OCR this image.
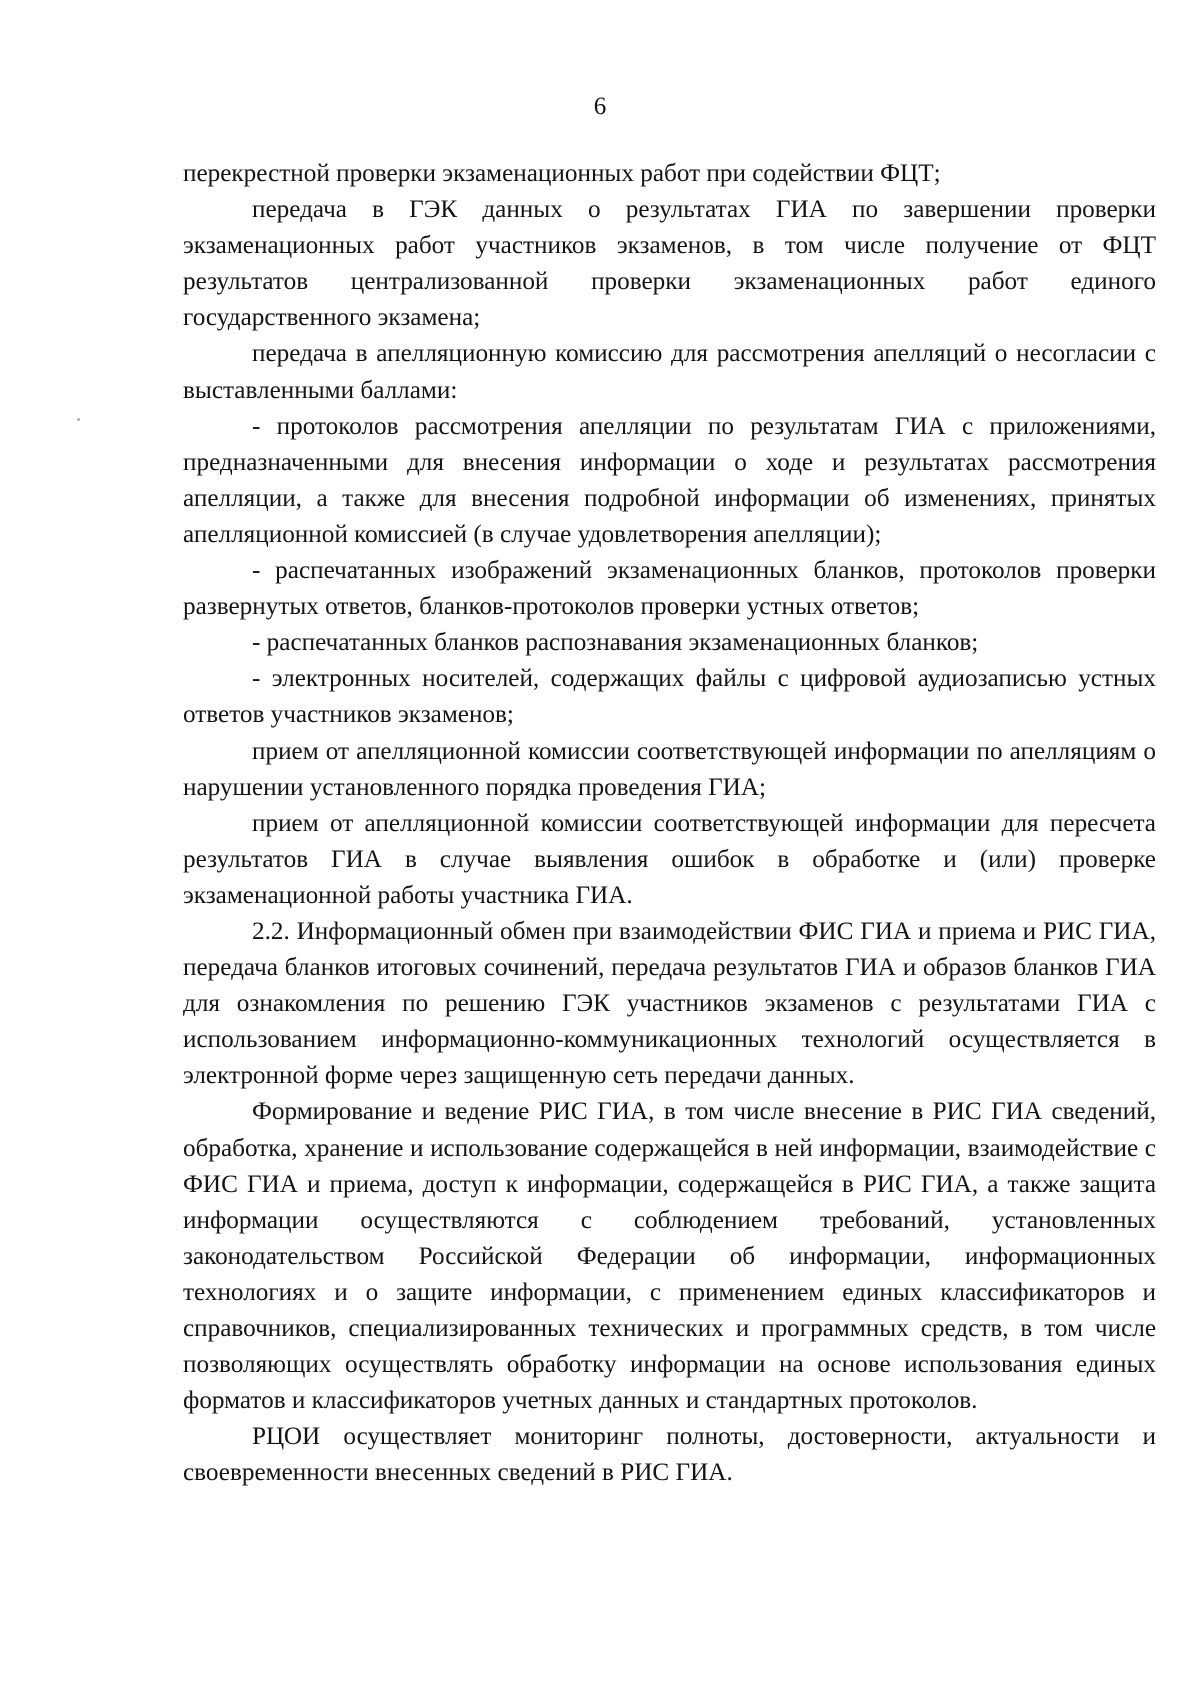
6

перекрестной проверки экзаменационных работ при содействии ФЦТ;

передача в ГЭК данных о результатах ГИА по завершении проверки экзаменационных работ участников экзаменов, в том числе получение от ФЦТ результатов централизованной проверки экзаменационных работ единого государственного экзамена;

передача в апелляционную комиссию для рассмотрения апелляций о несогласии с выставленными баллами:

- протоколов рассмотрения апелляции по результатам ГИА с приложениями, предназначенными для внесения информации о ходе и результатах рассмотрения апелляции, а также для внесения подробной информации об изменениях, принятых апелляционной комиссией (в случае удовлетворения апелляции);

- распечатанных изображений экзаменационных бланков, протоколов проверки развернутых ответов, бланков-протоколов проверки устных ответов;

- распечатанных бланков распознавания экзаменационных бланков;

- электронных носителей, содержащих файлы с цифровой аудиозаписью устных ответов участников экзаменов;

прием от апелляционной комиссии соответствующей информации по апелляциям о нарушении установленного порядка проведения ГИА;

прием от апелляционной комиссии соответствующей информации для пересчета результатов ГИА в случае выявления ошибок в обработке и (или) проверке экзаменационной работы участника ГИА.

2.2. Информационный обмен при взаимодействии ФИС ГИА и приема и РИС ГИА, передача бланков итоговых сочинений, передача результатов ГИА и образов бланков ГИА для ознакомления по решению ГЭК участников экзаменов с результатами ГИА с использованием информационно-коммуникационных технологий осуществляется в электронной форме через защищенную сеть передачи данных.

Формирование и ведение РИС ГИА, в том числе внесение в РИС ГИА сведений, обработка, хранение и использование содержащейся в ней информации, взаимодействие с ФИС ГИА и приема, доступ к информации, содержащейся в РИС ГИА, а также защита информации осуществляются с соблюдением требований, установленных законодательством Российской Федерации об информации, информационных технологиях и о защите информации, с применением единых классификаторов и справочников, специализированных технических и программных средств, в том числе позволяющих осуществлять обработку информации на основе использования единых форматов и классификаторов учетных данных и стандартных протоколов.

РЦОИ осуществляет мониторинг полноты, достоверности, актуальности и своевременности внесенных сведений в РИС ГИА.
